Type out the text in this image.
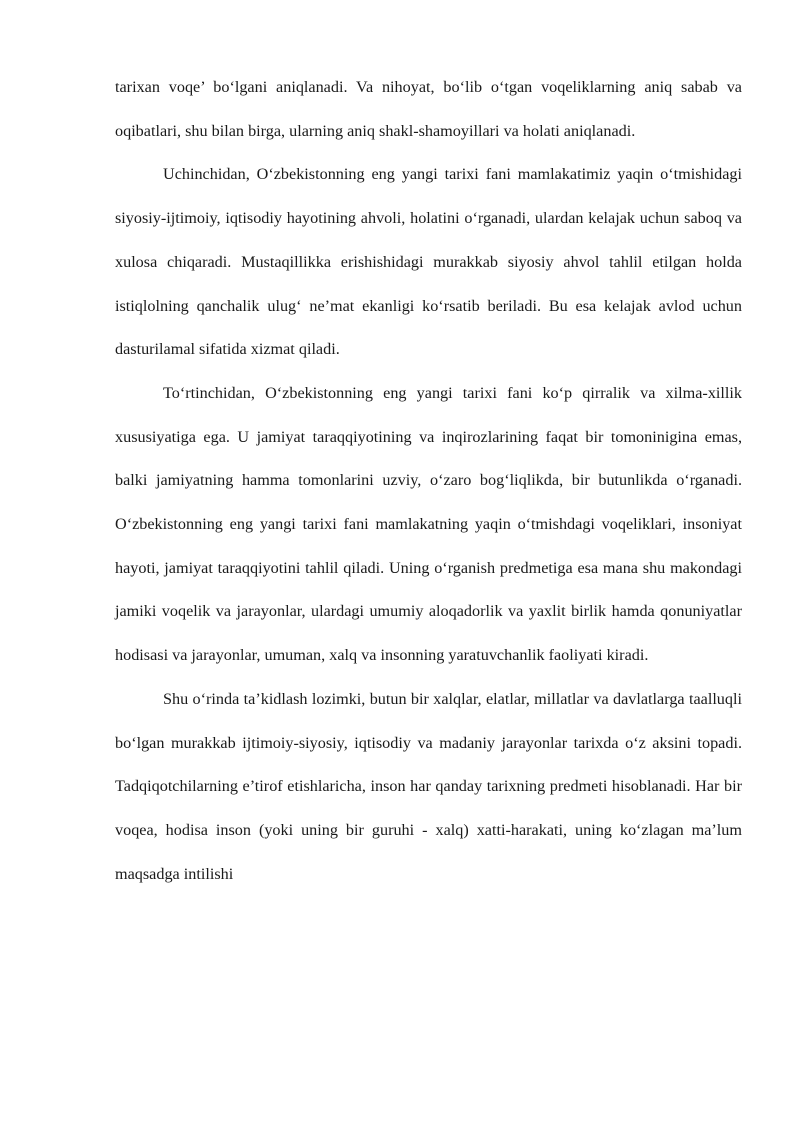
tarixan voqe’ bo‘lgani aniqlanadi. Va nihoyat, bo‘lib o‘tgan voqeliklarning aniq sabab va oqibatlari, shu bilan birga, ularning aniq shakl-shamoyillari va holati aniqlanadi.

Uchinchidan, O‘zbekistonning eng yangi tarixi fani mamlakatimiz yaqin o‘tmishidagi siyosiy-ijtimoiy, iqtisodiy hayotining ahvoli, holatini o‘rganadi, ulardan kelajak uchun saboq va xulosa chiqaradi. Mustaqillikka erishishidagi murakkab siyosiy ahvol tahlil etilgan holda istiqlolning qanchalik ulug‘ ne’mat ekanligi ko‘rsatib beriladi. Bu esa kelajak avlod uchun dasturilamal sifatida xizmat qiladi.

To‘rtinchidan, O‘zbekistonning eng yangi tarixi fani ko‘p qirralik va xilma-xillik xususiyatiga ega. U jamiyat taraqqiyotining va inqirozlarining faqat bir tomoninigina emas, balki jamiyatning hamma tomonlarini uzviy, o‘zaro bog‘liqlikda, bir butunlikda o‘rganadi. O‘zbekistonning eng yangi tarixi fani mamlakatning yaqin o‘tmishdagi voqeliklari, insoniyat hayoti, jamiyat taraqqiyotini tahlil qiladi. Uning o‘rganish predmetiga esa mana shu makondagi jamiki voqelik va jarayonlar, ulardagi umumiy aloqadorlik va yaxlit birlik hamda qonuniyatlar hodisasi va jarayonlar, umuman, xalq va insonning yaratuvchanlik faoliyati kiradi.

Shu o‘rinda ta’kidlash lozimki, butun bir xalqlar, elatlar, millatlar va davlatlarga taalluqli bo‘lgan murakkab ijtimoiy-siyosiy, iqtisodiy va madaniy jarayonlar tarixda o‘z aksini topadi. Tadqiqotchilarning e’tirof etishlaricha, inson har qanday tarixning predmeti hisoblanadi. Har bir voqea, hodisa inson (yoki uning bir guruhi - xalq) xatti-harakati, uning ko‘zlagan ma’lum maqsadga intilishi
